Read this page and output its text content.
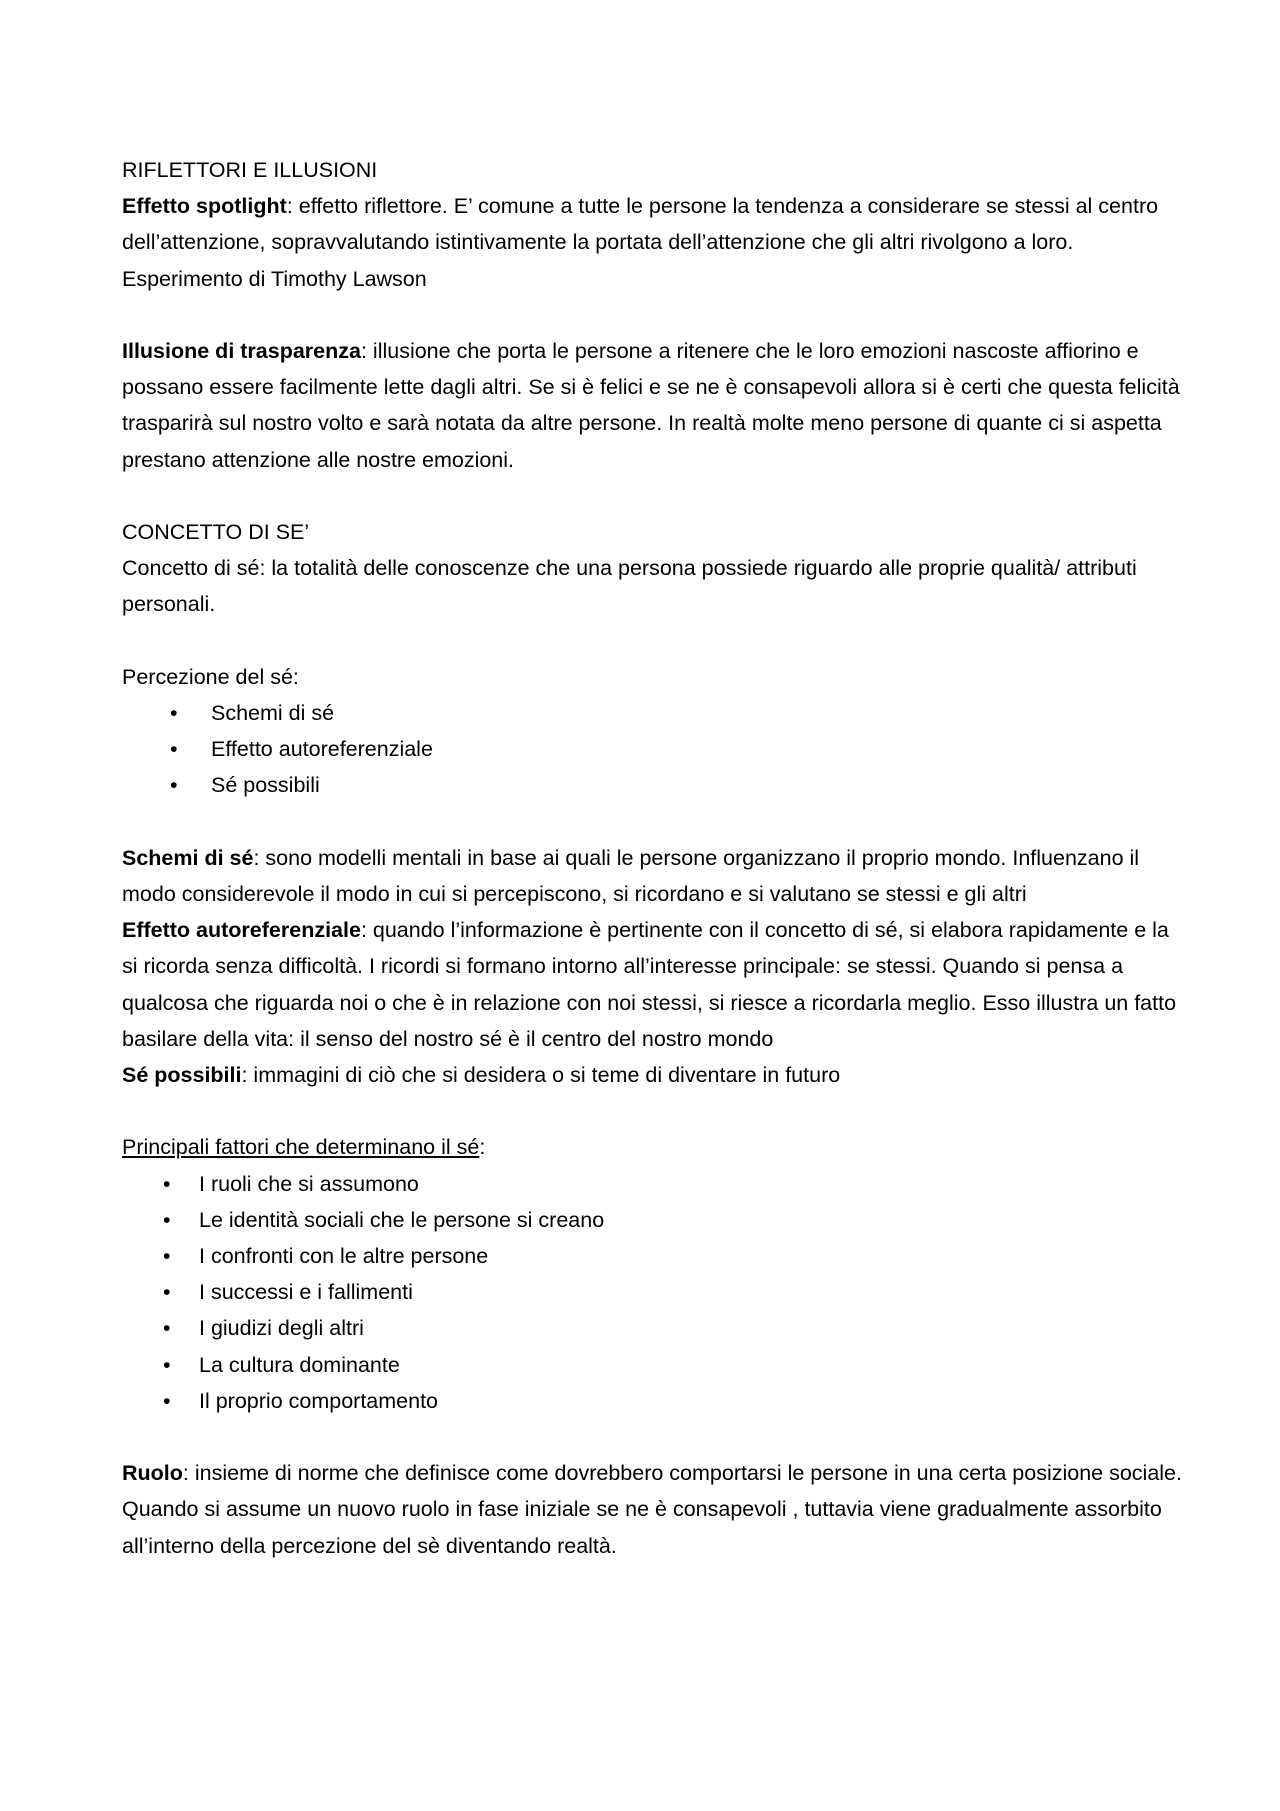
RIFLETTORI E ILLUSIONI

Effetto spotlight: effetto riflettore. E’ comune a tutte le persone la tendenza a considerare se stessi al centro dell’attenzione, sopravvalutando istintivamente la portata dell’attenzione che gli altri rivolgono a loro.

Esperimento di Timothy Lawson

Illusione di trasparenza: illusione che porta le persone a ritenere che le loro emozioni nascoste affiorino e possano essere facilmente lette dagli altri. Se si è felici e se ne è consapevoli allora si è certi che questa felicità trasparirà sul nostro volto e sarà notata da altre persone. In realtà molte meno persone di quante ci si aspetta prestano attenzione alle nostre emozioni.

CONCETTO DI SE’

Concetto di sé: la totalità delle conoscenze che una persona possiede riguardo alle proprie qualità/ attributi personali.

Percezione del sé:

• Schemi di sé
• Effetto autoreferenziale
• Sé possibili

Schemi di sé: sono modelli mentali in base ai quali le persone organizzano il proprio mondo. Influenzano il modo considerevole il modo in cui si percepiscono, si ricordano e si valutano se stessi e gli altri

Effetto autoreferenziale: quando l’informazione è pertinente con il concetto di sé, si elabora rapidamente e la si ricorda senza difficoltà. I ricordi si formano intorno all’interesse principale: se stessi. Quando si pensa a qualcosa che riguarda noi o che è in relazione con noi stessi, si riesce a ricordarla meglio. Esso illustra un fatto basilare della vita: il senso del nostro sé è il centro del nostro mondo

Sé possibili: immagini di ciò che si desidera o si teme di diventare in futuro

Principali fattori che determinano il sé:

• I ruoli che si assumono
• Le identità sociali che le persone si creano
• I confronti con le altre persone
• I successi e i fallimenti
• I giudizi degli altri
• La cultura dominante
• Il proprio comportamento

Ruolo: insieme di norme che definisce come dovrebbero comportarsi le persone in una certa posizione sociale. Quando si assume un nuovo ruolo in fase iniziale se ne è consapevoli , tuttavia viene gradualmente assorbito all’interno della percezione del sè diventando realtà.
